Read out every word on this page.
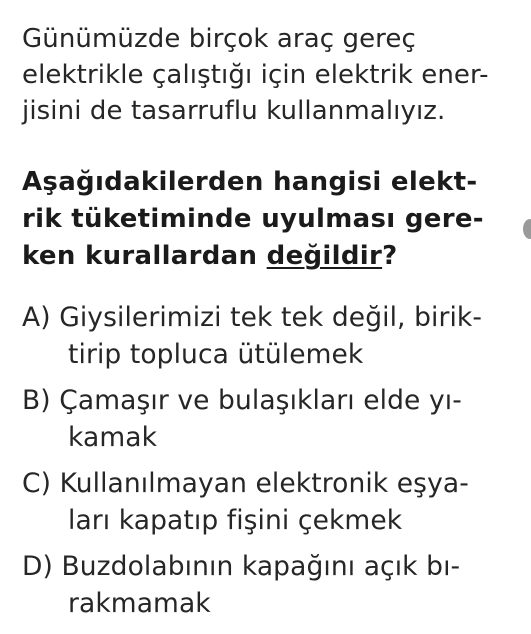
Günümüzde birçok araç gereç
elektrikle çalıştığı için elektrik ener-
jisini de tasarruflu kullanmalıyız.
Aşağıdakilerden hangisi elekt-
rik tüketiminde uyulması gere-
ken kurallardan değildir?
A) Giysilerimizi tek tek değil, birik-
tirip topluca ütülemek
B) Çamaşır ve bulaşıkları elde yı-
kamak
C) Kullanılmayan elektronik eşya-
ları kapatıp fişini çekmek
D) Buzdolabının kapağını açık bı-
rakmamak
